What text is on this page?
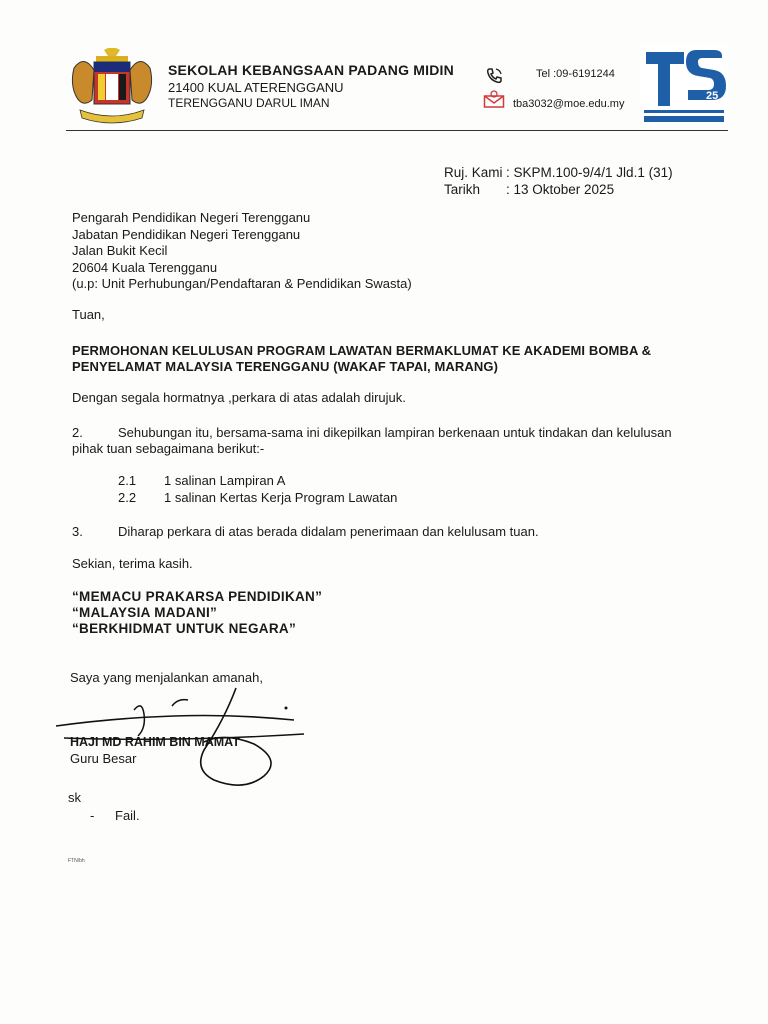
SEKOLAH KEBANGSAAN PADANG MIDIN
21400 KUAL ATERENGGANU
TERENGGANU DARUL IMAN
Tel :09-6191244
tba3032@moe.edu.my
25
Ruj. Kami : SKPM.100-9/4/1 Jld.1 (31)
Tarikh : 13 Oktober 2025
Pengarah Pendidikan Negeri Terengganu
Jabatan Pendidikan Negeri Terengganu
Jalan Bukit Kecil
20604 Kuala Terengganu
(u.p: Unit Perhubungan/Pendaftaran & Pendidikan Swasta)
Tuan,
PERMOHONAN KELULUSAN PROGRAM LAWATAN BERMAKLUMAT KE AKADEMI BOMBA &
PENYELAMAT MALAYSIA TERENGGANU (WAKAF TAPAI, MARANG)
Dengan segala hormatnya ,perkara di atas adalah dirujuk.
2.	Sehubungan itu, bersama-sama ini dikepilkan lampiran berkenaan untuk tindakan dan kelulusan
pihak tuan sebagaimana berikut:-
2.1 1 salinan Lampiran A
2.2 1 salinan Kertas Kerja Program Lawatan
3.	Diharap perkara di atas berada didalam penerimaan dan kelulusam tuan.
Sekian, terima kasih.
“MEMACU PRAKARSA PENDIDIKAN”
“MALAYSIA MADANI”
“BERKHIDMAT UNTUK NEGARA”
Saya yang menjalankan amanah,
HAJI MD RAHIM BIN MAMAT
Guru Besar
sk
- Fail.
FTN/bh
